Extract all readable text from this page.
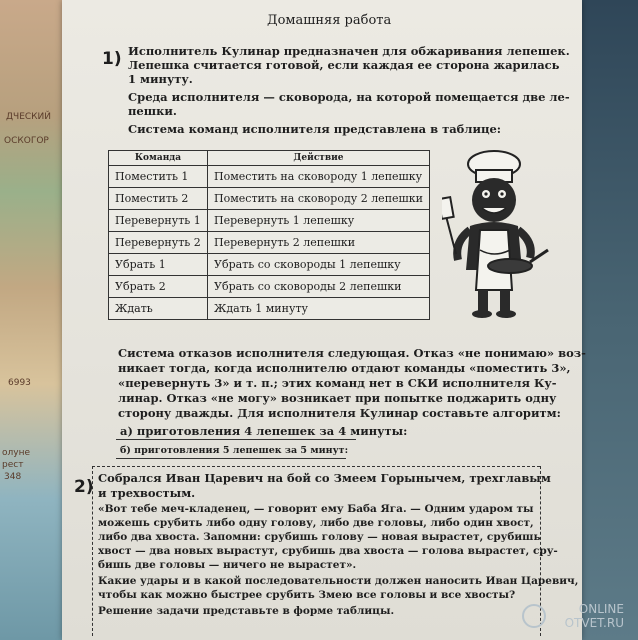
ДЧЕСКИЙ
ОСКОГОР
6993
олуне
рест
348
Домашняя работа
1) Исполнитель Кулинар предназначен для обжаривания лепешек.
Лепешка считается готовой, если каждая ее сторона жарилась
1 минуту.
Среда исполнителя — сковорода, на которой помещается две ле-
пешки.
Система команд исполнителя представлена в таблице:
Команда	Действие
Поместить 1	Поместить на сковороду 1 лепешку
Поместить 2	Поместить на сковороду 2 лепешки
Перевернуть 1	Перевернуть 1 лепешку
Перевернуть 2	Перевернуть 2 лепешки
Убрать 1	Убрать со сковороды 1 лепешку
Убрать 2	Убрать со сковороды 2 лепешки
Ждать	Ждать 1 минуту
Система отказов исполнителя следующая. Отказ «не понимаю» воз-
никает тогда, когда исполнителю отдают команды «поместить 3»,
«перевернуть 3» и т. п.; этих команд нет в СКИ исполнителя Ку-
линар. Отказ «не могу» возникает при попытке поджарить одну
сторону дважды. Для исполнителя Кулинар составьте алгоритм:
а) приготовления 4 лепешек за 4 минуты:
б) приготовления 5 лепешек за 5 минут:
2) Собрался Иван Царевич на бой со Змеем Горынычем, трехглавым
и трехвостым.
«Вот тебе меч-кладенец, — говорит ему Баба Яга. — Одним ударом ты
можешь срубить либо одну голову, либо две головы, либо один хвост,
либо два хвоста. Запомни: срубишь голову — новая вырастет, срубишь
хвост — два новых вырастут, срубишь два хвоста — голова вырастет, сру-
бишь две головы — ничего не вырастет».
Какие удары и в какой последовательности должен наносить Иван Царевич,
чтобы как можно быстрее срубить Змею все головы и все хвосты?
Решение задачи представьте в форме таблицы.	ONLINE
OTVET.RU
